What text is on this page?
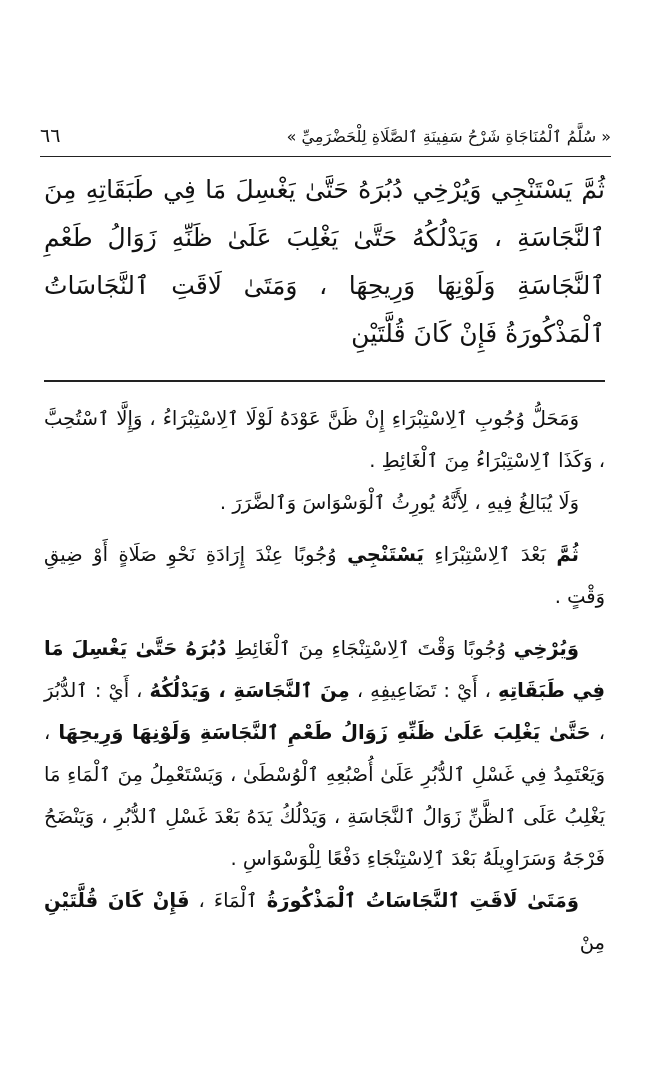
« سُلَّمُ ٱلْمُنَاجَاةِ شَرْحُ سَفِينَةِ ٱلصَّلَاةِ لِلْحَضْرَمِيِّ »
٦٦
ثُمَّ يَسْتَنْجِي وَيُرْخِي دُبُرَهُ حَتَّىٰ يَغْسِلَ مَا فِي طَبَقَاتِهِ مِنَ ٱلنَّجَاسَةِ ، وَيَدْلُكُهُ حَتَّىٰ يَغْلِبَ عَلَىٰ ظَنِّهِ زَوَالُ طَعْمِ ٱلنَّجَاسَةِ وَلَوْنِهَا وَرِيحِهَا ، وَمَتَىٰ لَاقَتِ ٱلنَّجَاسَاتُ ٱلْمَذْكُورَةُ فَإِنْ كَانَ قُلَّتَيْنِ

وَمَحَلُّ وُجُوبِ ٱلِاسْتِبْرَاءِ إِنْ ظَنَّ عَوْدَهُ لَوْلَا ٱلِاسْتِبْرَاءُ ، وَإِلَّا ٱسْتُحِبَّ ، وَكَذَا ٱلِاسْتِبْرَاءُ مِنَ ٱلْغَائِطِ .

وَلَا يُبَالِغُ فِيهِ ، لِأَنَّهُ يُورِثُ ٱلْوَسْوَاسَ وَٱلضَّرَرَ .

ثُمَّ بَعْدَ ٱلِاسْتِبْرَاءِ يَسْتَنْجِي وُجُوبًا عِنْدَ إِرَادَةِ نَحْوِ صَلَاةٍ أَوْ ضِيقِ وَقْتٍ .

وَيُرْخِي وُجُوبًا وَقْتَ ٱلِاسْتِنْجَاءِ مِنَ ٱلْغَائِطِ دُبُرَهُ حَتَّىٰ يَغْسِلَ مَا فِي طَبَقَاتِهِ ، أَيْ : تَضَاعِيفِهِ ، مِنَ ٱلنَّجَاسَةِ ، وَيَدْلُكُهُ ، أَيْ : ٱلدُّبُرَ ، حَتَّىٰ يَغْلِبَ عَلَىٰ ظَنِّهِ زَوَالُ طَعْمِ ٱلنَّجَاسَةِ وَلَوْنِهَا وَرِيحِهَا ، وَيَعْتَمِدُ فِي غَسْلِ ٱلدُّبُرِ عَلَىٰ أُصْبُعِهِ ٱلْوُسْطَىٰ ، وَيَسْتَعْمِلُ مِنَ ٱلْمَاءِ مَا يَغْلِبُ عَلَى ٱلظَّنِّ زَوَالُ ٱلنَّجَاسَةِ ، وَيَدْلُكُ يَدَهُ بَعْدَ غَسْلِ ٱلدُّبُرِ ، وَيَنْضَحُ فَرْجَهُ وَسَرَاوِيلَهُ بَعْدَ ٱلِاسْتِنْجَاءِ دَفْعًا لِلْوَسْوَاسِ .

وَمَتَىٰ لَاقَتِ ٱلنَّجَاسَاتُ ٱلْمَذْكُورَةُ ٱلْمَاءَ ، فَإِنْ كَانَ قُلَّتَيْنِ مِنْ
